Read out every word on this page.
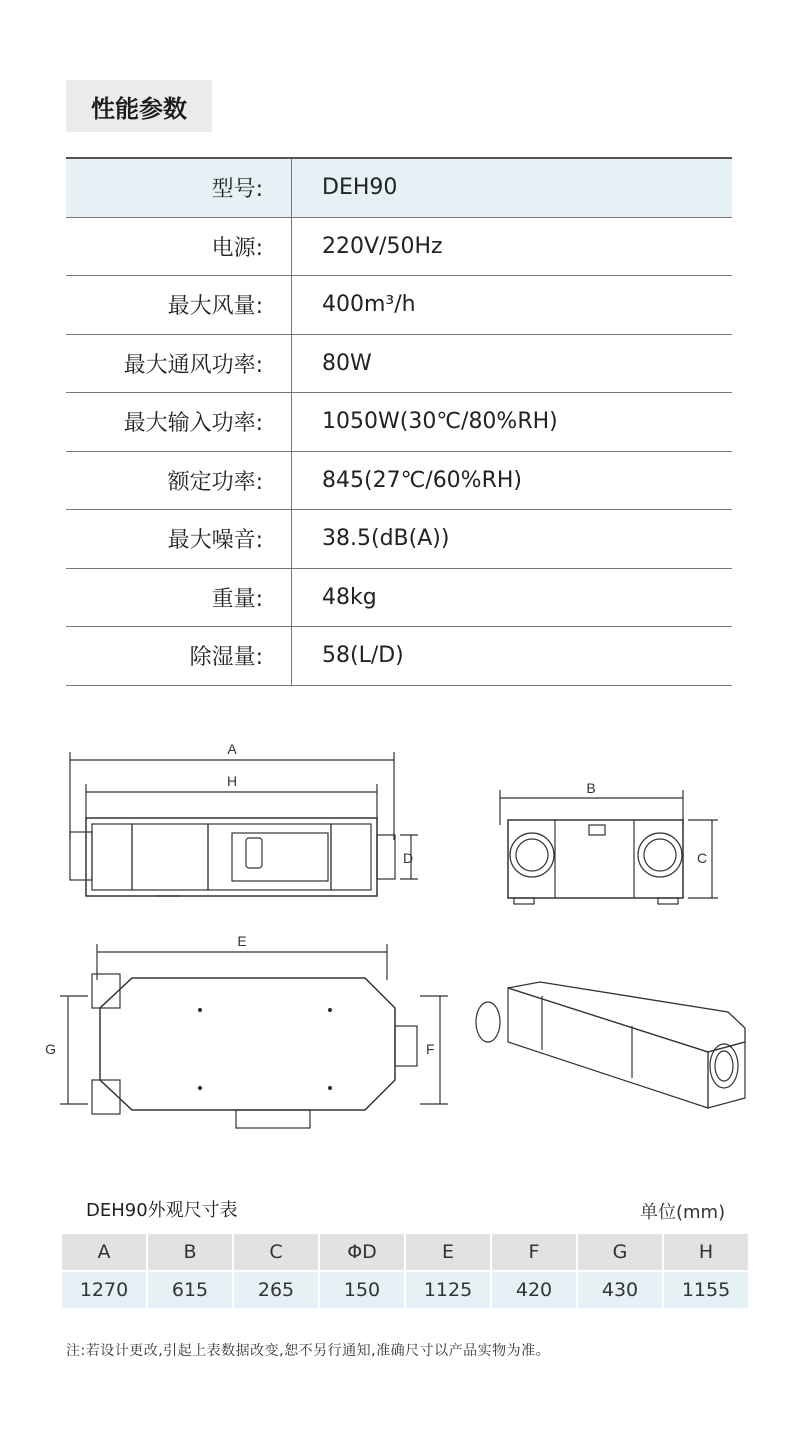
性能参数
型号:	DEH90
电源:	220V/50Hz
最大风量:	400m³/h
最大通风功率:	80W
最大输入功率:	1050W(30℃/80%RH)
额定功率:	845(27℃/60%RH)
最大噪音:	38.5(dB(A))
重量:	48kg
除湿量:	58(L/D)
A
H
D
B
C
E
G	F
DEH90外观尺寸表	单位(mm)
A	B	C	ΦD	E	F	G	H
1270	615	265	150	1125	420	430	1155
注:若设计更改,引起上表数据改变,恕不另行通知,准确尺寸以产品实物为准。
